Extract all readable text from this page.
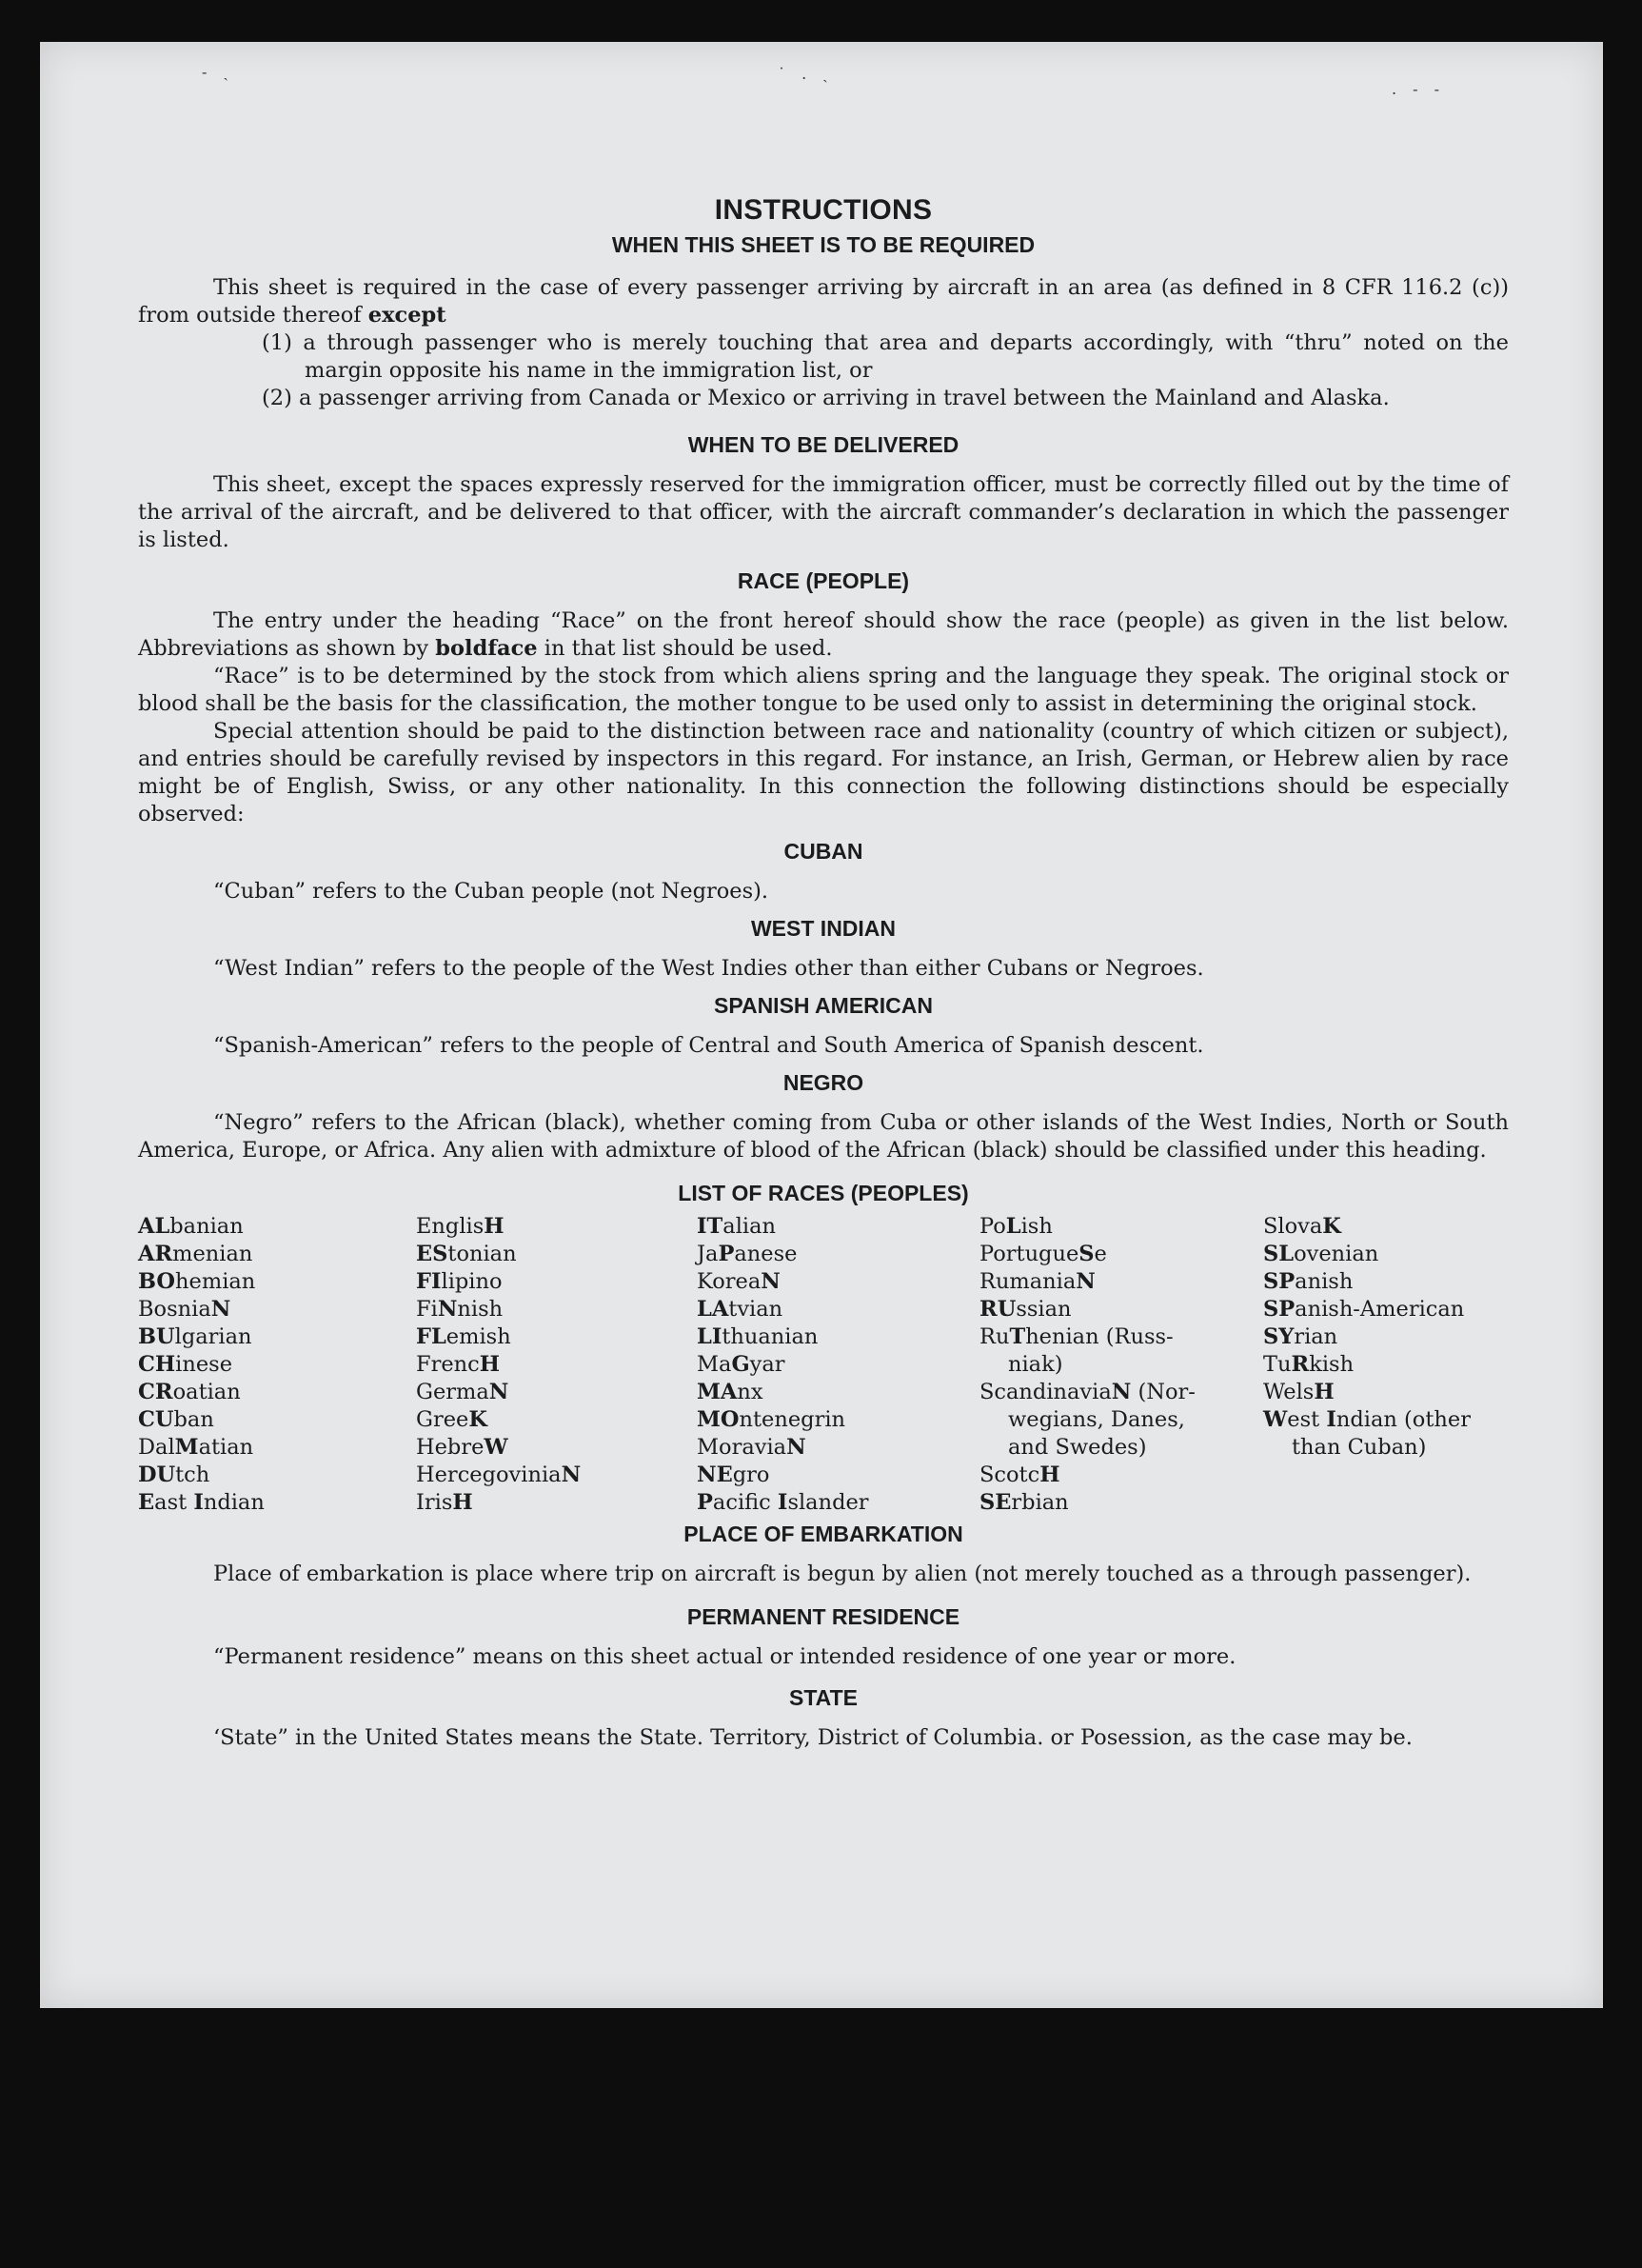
‐ ˎ	˙ . ˎ
. ‐ ‐
INSTRUCTIONS
WHEN THIS SHEET IS TO BE REQUIRED

This sheet is required in the case of every passenger arriving by aircraft in an area (as defined in 8 CFR 116.2 (c)) from outside thereof except

(1) a through passenger who is merely touching that area and departs accordingly, with “thru” noted on the margin opposite his name in the immigration list, or

(2) a passenger arriving from Canada or Mexico or arriving in travel between the Mainland and Alaska.

WHEN TO BE DELIVERED

This sheet, except the spaces expressly reserved for the immigration officer, must be correctly filled out by the time of the arrival of the aircraft, and be delivered to that officer, with the aircraft commander’s declaration in which the passenger is listed.

RACE (PEOPLE)

The entry under the heading “Race” on the front hereof should show the race (people) as given in the list below. Abbreviations as shown by boldface in that list should be used.

“Race” is to be determined by the stock from which aliens spring and the language they speak. The original stock or blood shall be the basis for the classification, the mother tongue to be used only to assist in determining the original stock.

Special attention should be paid to the distinction between race and nationality (country of which citizen or subject), and entries should be carefully revised by inspectors in this regard. For instance, an Irish, German, or Hebrew alien by race might be of English, Swiss, or any other nationality. In this connection the following distinctions should be especially observed:

CUBAN

“Cuban” refers to the Cuban people (not Negroes).

WEST INDIAN

“West Indian” refers to the people of the West Indies other than either Cubans or Negroes.

SPANISH AMERICAN

“Spanish-American” refers to the people of Central and South America of Spanish descent.

NEGRO

“Negro” refers to the African (black), whether coming from Cuba or other islands of the West Indies, North or South America, Europe, or Africa. Any alien with admixture of blood of the African (black) should be classified under this heading.

LIST OF RACES (PEOPLES)
ALbanian
ARmenian
BOhemian
BosniaN
BUlgarian
CHinese
CRoatian
CUban
DalMatian
DUtch
East Indian
EnglisH
EStonian
FIlipino
FiNnish
FLemish
FrencH
GermaN
GreeK
HebreW
HercegoviniaN
IrisH
ITalian
JaPanese
KoreaN
LAtvian
LIthuanian
MaGyar
MAnx
MOntenegrin
MoraviaN
NEgro
Pacific Islander
PoLish
PortugueSe
RumaniaN
RUssian
RuThenian (Russ-
niak)
ScandinaviaN (Nor-
wegians, Danes,
and Swedes)
ScotcH
SErbian
SlovaK
SLovenian
SPanish
SPanish-American
SYrian
TuRkish
WelsH
West Indian (other
than Cuban)
PLACE OF EMBARKATION

Place of embarkation is place where trip on aircraft is begun by alien (not merely touched as a through passenger).

PERMANENT RESIDENCE

“Permanent residence” means on this sheet actual or intended residence of one year or more.

STATE

‘State” in the United States means the State. Territory, District of Columbia. or Posession, as the case may be.
